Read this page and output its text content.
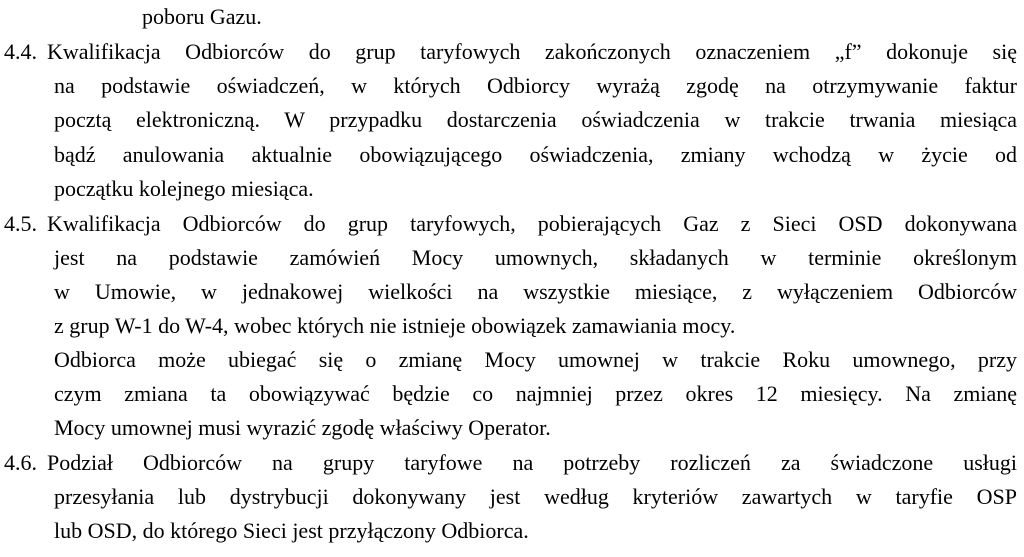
poboru Gazu.
4.4. Kwalifikacja Odbiorców do grup taryfowych zakończonych oznaczeniem „f” dokonuje się
na podstawie oświadczeń, w których Odbiorcy wyrażą zgodę na otrzymywanie faktur
pocztą elektroniczną. W przypadku dostarczenia oświadczenia w trakcie trwania miesiąca
bądź anulowania aktualnie obowiązującego oświadczenia, zmiany wchodzą w życie od
początku kolejnego miesiąca.
4.5. Kwalifikacja Odbiorców do grup taryfowych, pobierających Gaz z Sieci OSD dokonywana
jest na podstawie zamówień Mocy umownych, składanych w terminie określonym
w Umowie, w jednakowej wielkości na wszystkie miesiące, z wyłączeniem Odbiorców
z grup W-1 do W-4, wobec których nie istnieje obowiązek zamawiania mocy.
Odbiorca może ubiegać się o zmianę Mocy umownej w trakcie Roku umownego, przy
czym zmiana ta obowiązywać będzie co najmniej przez okres 12 miesięcy. Na zmianę
Mocy umownej musi wyrazić zgodę właściwy Operator.
4.6. Podział Odbiorców na grupy taryfowe na potrzeby rozliczeń za świadczone usługi
przesyłania lub dystrybucji dokonywany jest według kryteriów zawartych w taryfie OSP
lub OSD, do którego Sieci jest przyłączony Odbiorca.
